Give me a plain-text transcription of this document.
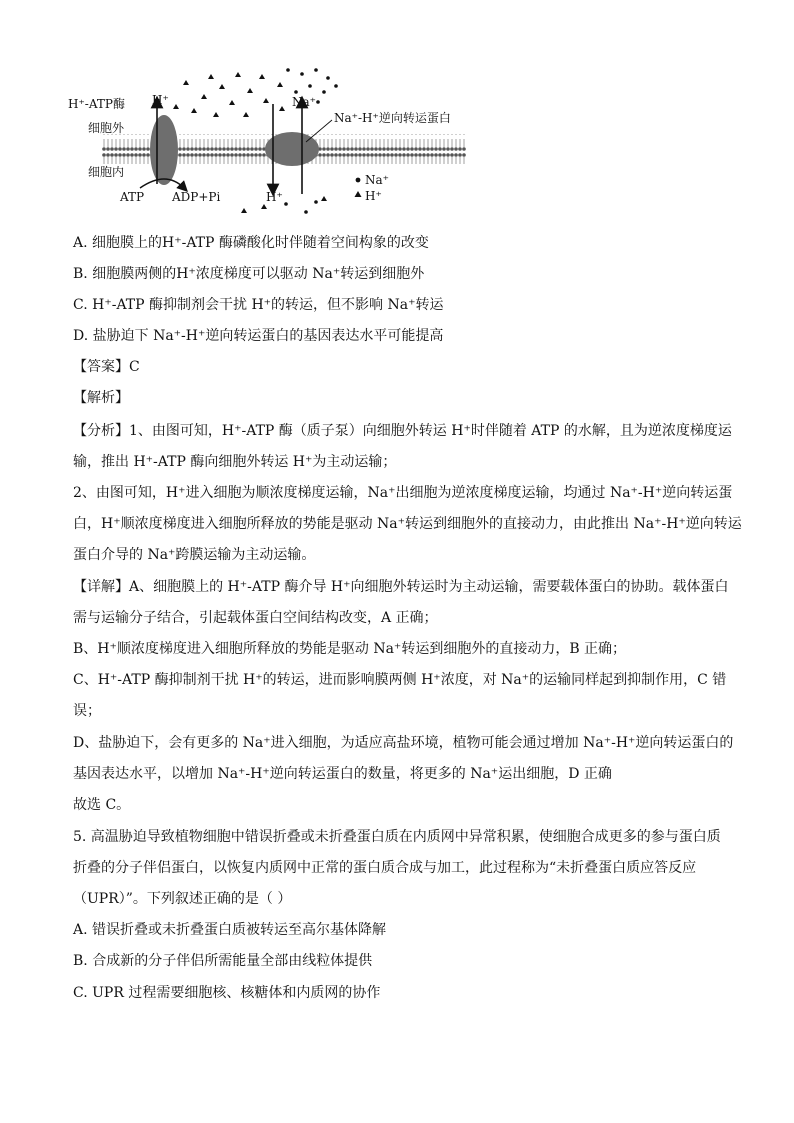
H⁺-ATP酶 H⁺	Na⁺
Na⁺-H⁺逆向转运蛋白
细胞外
细胞内
ATP ADP+Pi	H⁺
Na⁺
H⁺
A. 细胞膜上的H⁺-ATP 酶磷酸化时伴随着空间构象的改变
B. 细胞膜两侧的H⁺浓度梯度可以驱动 Na⁺转运到细胞外
C. H⁺-ATP 酶抑制剂会干扰 H⁺的转运，但不影响 Na⁺转运
D. 盐胁迫下 Na⁺-H⁺逆向转运蛋白的基因表达水平可能提高
【答案】C
【解析】
【分析】1、由图可知，H⁺-ATP 酶（质子泵）向细胞外转运 H⁺时伴随着 ATP 的水解，且为逆浓度梯度运
输，推出 H⁺-ATP 酶向细胞外转运 H⁺为主动运输；
2、由图可知，H⁺进入细胞为顺浓度梯度运输，Na⁺出细胞为逆浓度梯度运输，均通过 Na⁺-H⁺逆向转运蛋
白，H⁺顺浓度梯度进入细胞所释放的势能是驱动 Na⁺转运到细胞外的直接动力，由此推出 Na⁺-H⁺逆向转运
蛋白介导的 Na⁺跨膜运输为主动运输。
【详解】A、细胞膜上的 H⁺-ATP 酶介导 H⁺向细胞外转运时为主动运输，需要载体蛋白的协助。载体蛋白
需与运输分子结合，引起载体蛋白空间结构改变，A 正确；
B、H⁺顺浓度梯度进入细胞所释放的势能是驱动 Na⁺转运到细胞外的直接动力，B 正确；
C、H⁺-ATP 酶抑制剂干扰 H⁺的转运，进而影响膜两侧 H⁺浓度，对 Na⁺的运输同样起到抑制作用，C 错
误；
D、盐胁迫下，会有更多的 Na⁺进入细胞，为适应高盐环境，植物可能会通过增加 Na⁺-H⁺逆向转运蛋白的
基因表达水平，以增加 Na⁺-H⁺逆向转运蛋白的数量，将更多的 Na⁺运出细胞，D 正确
故选 C。
5. 高温胁迫导致植物细胞中错误折叠或未折叠蛋白质在内质网中异常积累，使细胞合成更多的参与蛋白质
折叠的分子伴侣蛋白，以恢复内质网中正常的蛋白质合成与加工，此过程称为“未折叠蛋白质应答反应
（UPR）”。下列叙述正确的是（ ）
A. 错误折叠或未折叠蛋白质被转运至高尔基体降解
B. 合成新的分子伴侣所需能量全部由线粒体提供
C. UPR 过程需要细胞核、核糖体和内质网的协作
